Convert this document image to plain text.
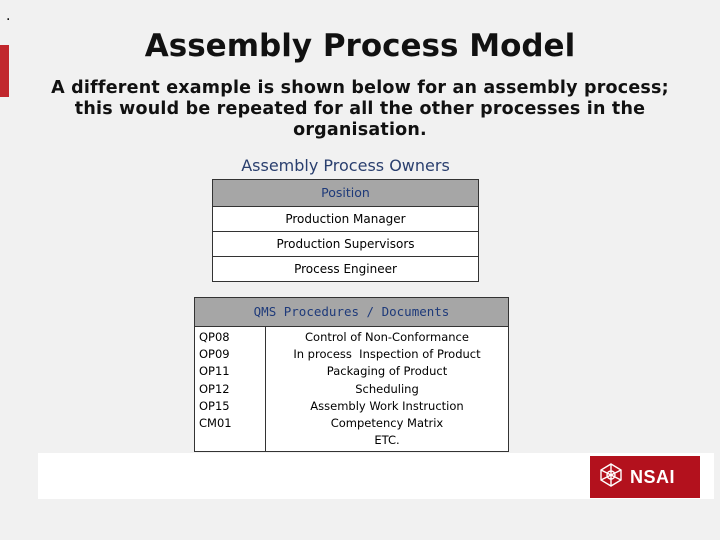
.
Assembly Process Model
A different example is shown below for an assembly process; this would be repeated for all the other processes in the organisation.
Assembly Process Owners
Position
Production Manager
Production Supervisors
Process Engineer
QMS Procedures / Documents
QP08
OP09
OP11
OP12
OP15
CM01
Control of Non-Conformance
In process  Inspection of Product
Packaging of Product
Scheduling
Assembly Work Instruction
Competency Matrix
ETC.
NSAI
